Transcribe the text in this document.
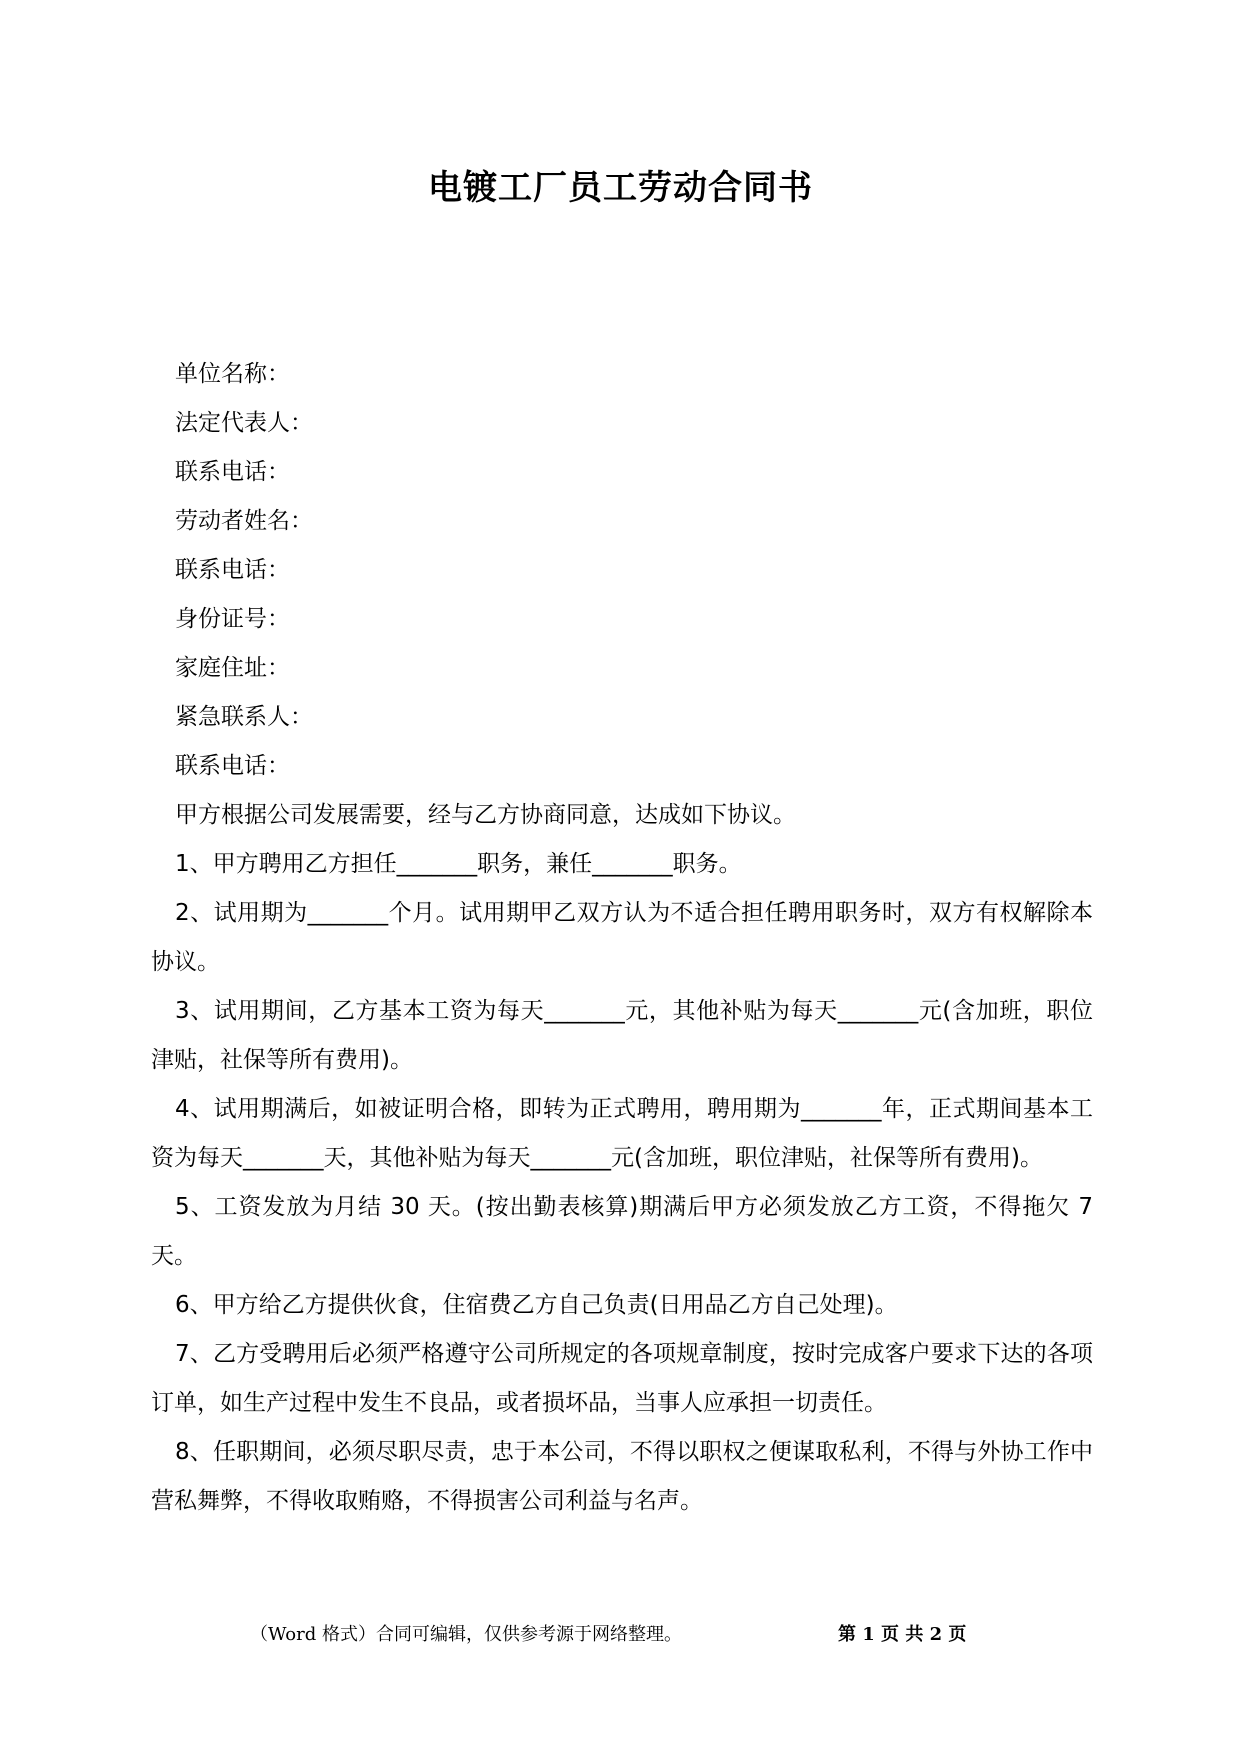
电镀工厂员工劳动合同书

单位名称：

法定代表人：

联系电话：

劳动者姓名：

联系电话：

身份证号：

家庭住址：

紧急联系人：

联系电话：

甲方根据公司发展需要，经与乙方协商同意，达成如下协议。

1、甲方聘用乙方担任_______职务，兼任_______职务。

2、试用期为_______个月。试用期甲乙双方认为不适合担任聘用职务时，双方有权解除本协议。

3、试用期间，乙方基本工资为每天_______元，其他补贴为每天_______元(含加班，职位津贴，社保等所有费用)。

4、试用期满后，如被证明合格，即转为正式聘用，聘用期为_______年，正式期间基本工资为每天_______天，其他补贴为每天_______元(含加班，职位津贴，社保等所有费用)。

5、工资发放为月结 30 天。(按出勤表核算)期满后甲方必须发放乙方工资，不得拖欠 7 天。

6、甲方给乙方提供伙食，住宿费乙方自己负责(日用品乙方自己处理)。

7、乙方受聘用后必须严格遵守公司所规定的各项规章制度，按时完成客户要求下达的各项订单，如生产过程中发生不良品，或者损坏品，当事人应承担一切责任。

8、任职期间，必须尽职尽责，忠于本公司，不得以职权之便谋取私利，不得与外协工作中营私舞弊，不得收取贿赂，不得损害公司利益与名声。

（Word 格式）合同可编辑，仅供参考源于网络整理。	第 1 页 共 2 页
